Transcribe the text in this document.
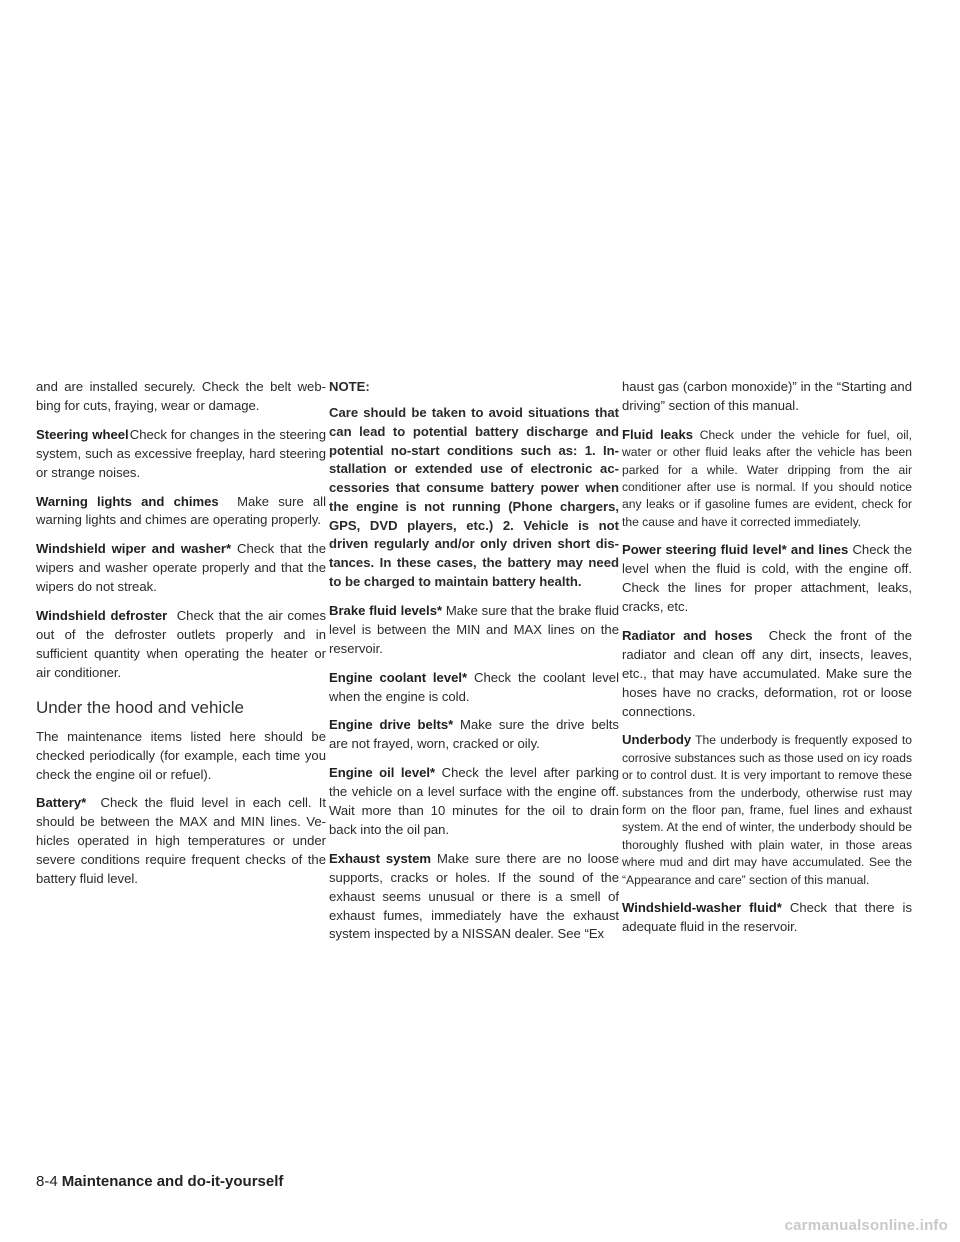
and are installed securely. Check the belt webbing for cuts, fraying, wear or damage.

Steering wheel Check for changes in the steering system, such as excessive freeplay, hard steering or strange noises.

Warning lights and chimes Make sure all warning lights and chimes are operating properly.

Windshield wiper and washer* Check that the wipers and washer operate properly and that the wipers do not streak.

Windshield defroster Check that the air comes out of the defroster outlets properly and in sufficient quantity when operating the heater or air conditioner.

Under the hood and vehicle

The maintenance items listed here should be checked periodically (for example, each time you check the engine oil or refuel).

Battery* Check the fluid level in each cell. It should be between the MAX and MIN lines. Vehicles operated in high temperatures or under severe conditions require frequent checks of the battery fluid level.

NOTE:

Care should be taken to avoid situations that can lead to potential battery discharge and potential no-start conditions such as: 1. Installation or extended use of electronic accessories that consume battery power when the engine is not running (Phone chargers, GPS, DVD players, etc.) 2. Vehicle is not driven regularly and/or only driven short distances. In these cases, the battery may need to be charged to maintain battery health.

Brake fluid levels* Make sure that the brake fluid level is between the MIN and MAX lines on the reservoir.

Engine coolant level* Check the coolant level when the engine is cold.

Engine drive belts* Make sure the drive belts are not frayed, worn, cracked or oily.

Engine oil level* Check the level after parking the vehicle on a level surface with the engine off. Wait more than 10 minutes for the oil to drain back into the oil pan.

Exhaust system Make sure there are no loose supports, cracks or holes. If the sound of the exhaust seems unusual or there is a smell of exhaust fumes, immediately have the exhaust system inspected by a NISSAN dealer. See “Ex

haust gas (carbon monoxide)” in the “Starting and driving” section of this manual.

Fluid leaks Check under the vehicle for fuel, oil, water or other fluid leaks after the vehicle has been parked for a while. Water dripping from the air conditioner after use is normal. If you should notice any leaks or if gasoline fumes are evident, check for the cause and have it corrected immediately.

Power steering fluid level* and lines Check the level when the fluid is cold, with the engine off. Check the lines for proper attachment, leaks, cracks, etc.

Radiator and hoses Check the front of the radiator and clean off any dirt, insects, leaves, etc., that may have accumulated. Make sure the hoses have no cracks, deformation, rot or loose connections.

Underbody The underbody is frequently exposed to corrosive substances such as those used on icy roads or to control dust. It is very important to remove these substances from the underbody, otherwise rust may form on the floor pan, frame, fuel lines and exhaust system. At the end of winter, the underbody should be thoroughly flushed with plain water, in those areas where mud and dirt may have accumulated. See the “Appearance and care” section of this manual.

Windshield-washer fluid* Check that there is adequate fluid in the reservoir.

8-4 Maintenance and do-it-yourself
carmanualsonline.info
